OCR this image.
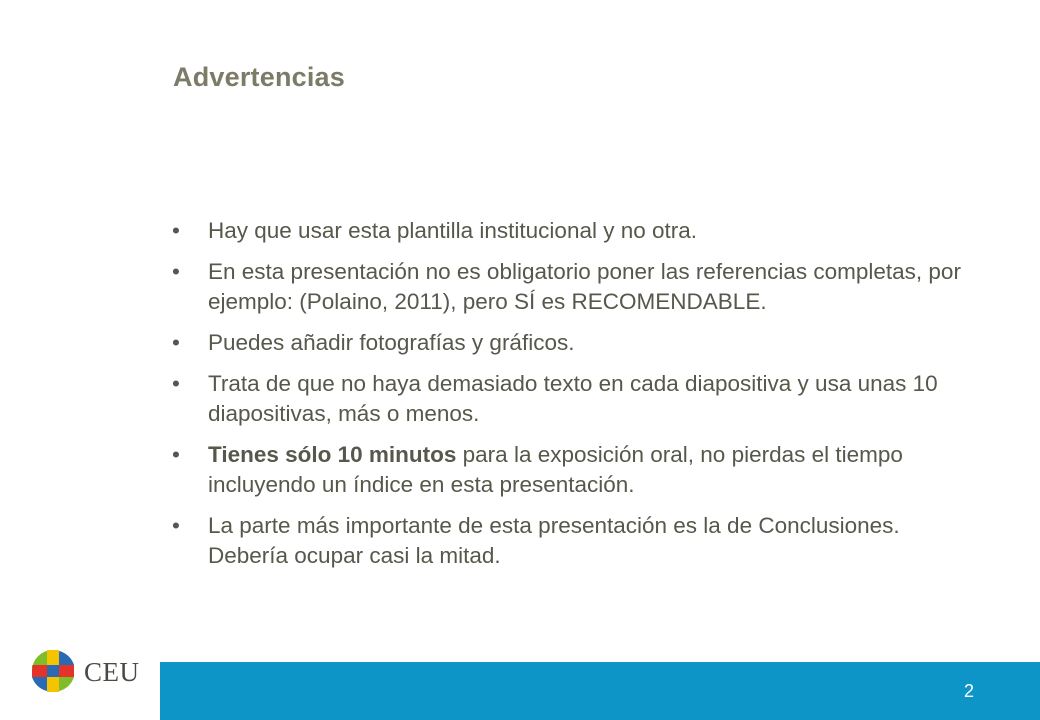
Advertencias
•	Hay que usar esta plantilla institucional y no otra.
•	En esta presentación no es obligatorio poner las referencias completas, por ejemplo: (Polaino, 2011), pero SÍ es RECOMENDABLE.
•	Puedes añadir fotografías y gráficos.
•	Trata de que no haya demasiado texto en cada diapositiva y usa unas 10 diapositivas, más o menos.
•	Tienes sólo 10 minutos para la exposición oral, no pierdas el tiempo incluyendo un índice en esta presentación.
•	La parte más importante de esta presentación es la de Conclusiones. Debería ocupar casi la mitad.
CEU
2
